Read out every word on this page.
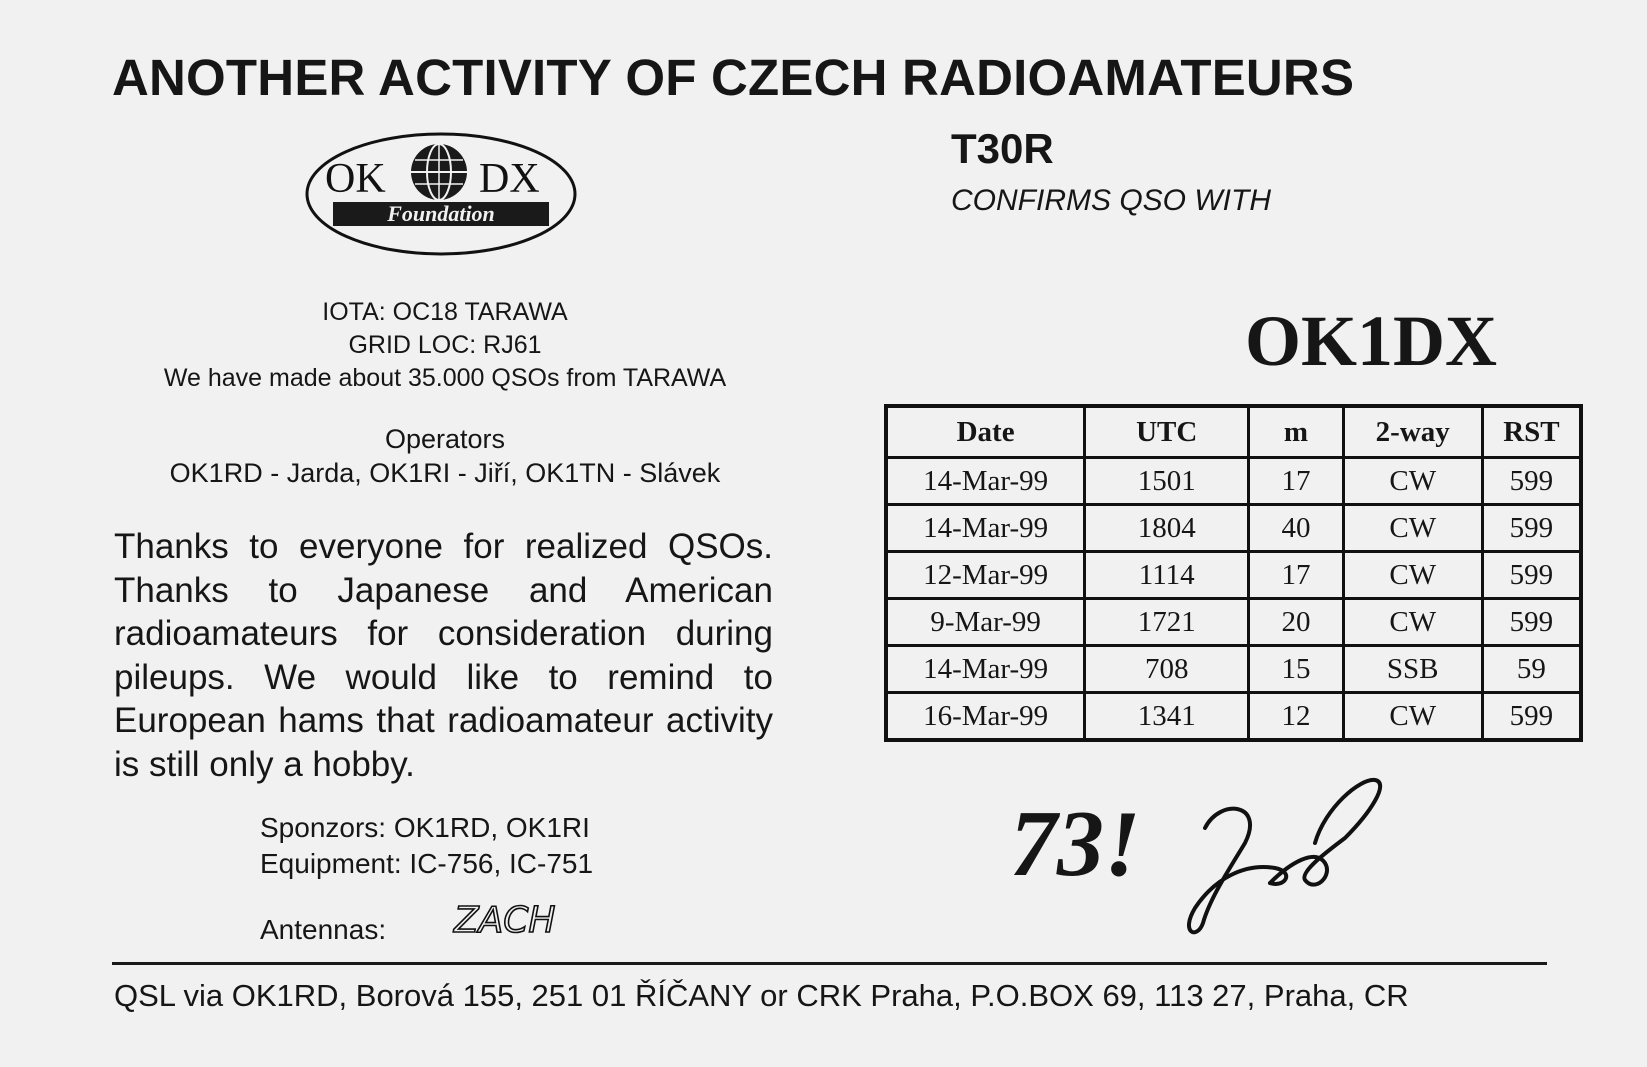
ANOTHER ACTIVITY OF CZECH RADIOAMATEURS
T30R
CONFIRMS QSO WITH
OK DX
Foundation
IOTA: OC18 TARAWA
GRID LOC: RJ61
We have made about 35.000 QSOs from TARAWA
Operators
OK1RD - Jarda, OK1RI - Jiří, OK1TN - Slávek
Thanks to everyone for realized QSOs. Thanks to Japanese and American radioamateurs for consideration during pileups. We would like to remind to European hams that radioamateur activity is still only a hobby.
Sponzors: OK1RD, OK1RI
Equipment: IC-756, IC-751
Antennas: ZACH
OK1DX
Date	UTC	m	2-way	RST
14-Mar-99	1501	17	CW	599
14-Mar-99	1804	40	CW	599
12-Mar-99	1114	17	CW	599
9-Mar-99	1721	20	CW	599
14-Mar-99	708	15	SSB	59
16-Mar-99	1341	12	CW	599
73!
QSL via OK1RD, Borová 155, 251 01 ŘÍČANY or CRK Praha, P.O.BOX 69, 113 27, Praha, CR
